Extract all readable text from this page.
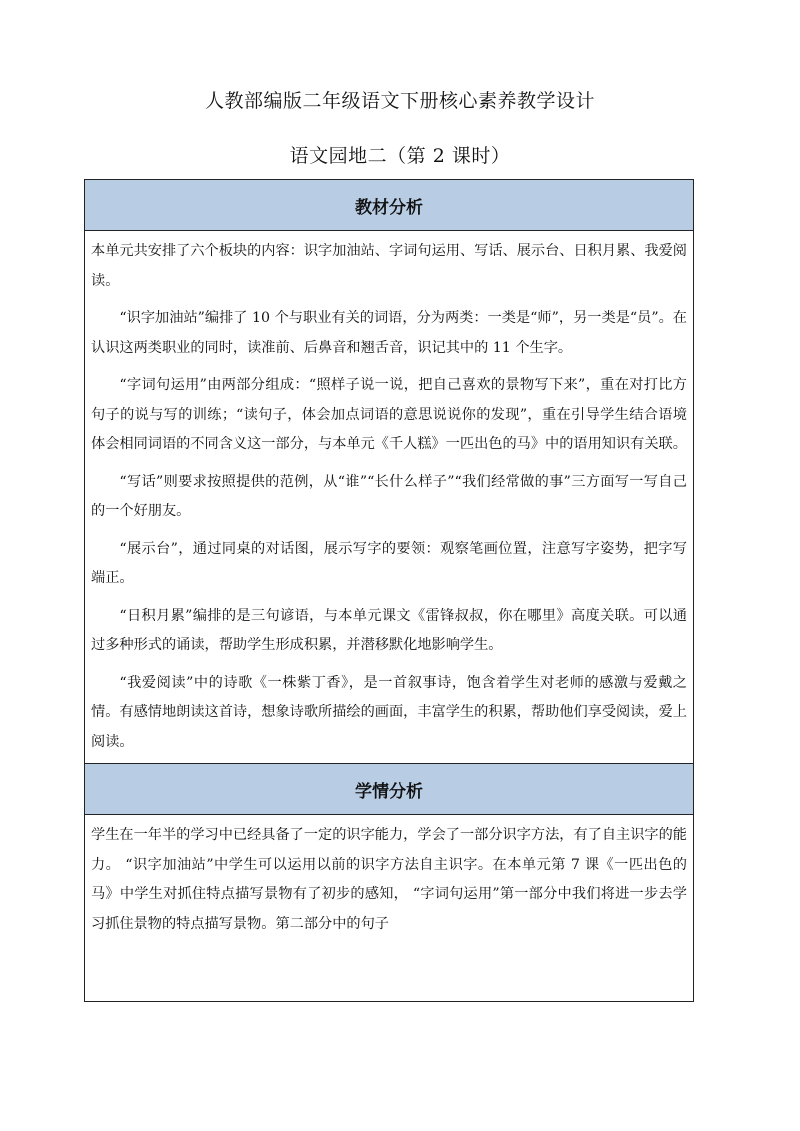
人教部编版二年级语文下册核心素养教学设计
语文园地二（第 2 课时）
教材分析

本单元共安排了六个板块的内容：识字加油站、字词句运用、写话、展示台、日积月累、我爱阅读。

“识字加油站”编排了 10 个与职业有关的词语，分为两类：一类是“师”，另一类是“员”。在认识这两类职业的同时，读准前、后鼻音和翘舌音，识记其中的 11 个生字。

“字词句运用”由两部分组成：“照样子说一说，把自己喜欢的景物写下来”，重在对打比方句子的说与写的训练；“读句子，体会加点词语的意思说说你的发现”，重在引导学生结合语境体会相同词语的不同含义这一部分，与本单元《千人糕》一匹出色的马》中的语用知识有关联。

“写话”则要求按照提供的范例，从“谁”“长什么样子”“我们经常做的事”三方面写一写自己的一个好朋友。

“展示台”，通过同桌的对话图，展示写字的要领：观察笔画位置，注意写字姿势，把字写端正。

“日积月累”编排的是三句谚语，与本单元课文《雷锋叔叔，你在哪里》高度关联。可以通过多种形式的诵读，帮助学生形成积累，并潜移默化地影响学生。

“我爱阅读”中的诗歌《一株紫丁香》，是一首叙事诗，饱含着学生对老师的感激与爱戴之情。有感情地朗读这首诗，想象诗歌所描绘的画面，丰富学生的积累，帮助他们享受阅读，爱上阅读。

学情分析

学生在一年半的学习中已经具备了一定的识字能力，学会了一部分识字方法，有了自主识字的能力。 “识字加油站”中学生可以运用以前的识字方法自主识字。在本单元第 7 课《一匹出色的马》中学生对抓住特点描写景物有了初步的感知， “字词句运用”第一部分中我们将进一步去学习抓住景物的特点描写景物。第二部分中的句子
